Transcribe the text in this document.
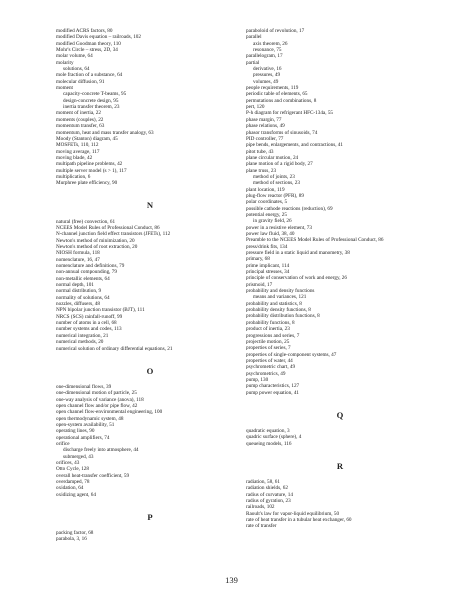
modified ACRS factors, 80
modified Davis equation – railroads, 102
modified Goodman theory, 110
Mohr's Circle – stress, 2D, 34
molar volume, 64
molarity
solutions, 64
mole fraction of a substance, 64
molecular diffusion, 91
moment
capacity-concrete T-beams, 95
design-concrete design, 95
inertia transfer theorem, 23
moment of inertia, 22
moments (couples), 22
momentum transfer, 63
momentum, heat and mass transfer analogy, 63
Moody (Stanton) diagram, 45
MOSFETs, 110, 112
moving average, 117
moving blade, 42
multipath pipeline problems, 42
multiple server model (s > 1), 117
multiplication, 6
Murphree plate efficiency, 90

N

natural (free) convection, 61
NCEES Model Rules of Professional Conduct, 86
N-channel junction field effect transistors (JFETs), 112
Newton's method of minimization, 20
Newton's method of root extraction, 20
NIOSH formula, 118
nomenclature, 16, 47
nomenclature and definitions, 79
non-annual compounding, 79
non-metallic elements, 64
normal depth, 101
normal distribution, 9
normality of solutions, 64
nozzles, diffusers, 48
NPN bipolar junction transistor (BJT), 111
NRCS (SCS) rainfall-runoff, 99
number of atoms in a cell, 68
number systems and codes, 113
numerical integration, 21
numerical methods, 20
numerical solution of ordinary differential equations, 21

O

one-dimensional flows, 39
one-dimensional motion of particle, 25
one-way analysis of variance (anova), 118
open channel flow and/or pipe flow, 42
open channel flow-environmental engineering, 100
open thermodynamic system, 48
open-system availability, 51
operating lines, 90
operational amplifiers, 74
orifice
discharge freely into atmosphere, 44
submerged, 43
orifices, 43
Otto Cycle, 128
overall heat-transfer coefficient, 59
overdamped, 78
oxidation, 64
oxidizing agent, 64

P

packing factor, 68
parabola, 3, 16
paraboloid of revolution, 17
parallel
axis theorem, 26
resonance, 75
parallelogram, 17
partial
derivative, 16
pressures, 49
volumes, 49
people requirements, 119
periodic table of elements, 65
permutations and combinations, 8
pert, 120
P-h diagram for refrigerant HFC-134a, 55
phase margin, 77
phase relations, 49
phasor transforms of sinusoids, 74
PID controller, 77
pipe bends, enlargements, and contractions, 41
pitot tube, 43
plane circular motion, 24
plane motion of a rigid body, 27
plane truss, 23
method of joints, 23
method of sections, 23
plant location, 119
plug-flow reactor (PFR), 89
polar coordinates, 5
possible cathode reactions (reduction), 69
potential energy, 25
in gravity field, 26
power in a resistive element, 73
power law fluid, 38, 40
Preamble to the NCEES Model Rules of Professional Conduct, 86
press/drink fits, 134
pressure field in a static liquid and manometry, 38
primary, 68
prime implicant, 114
principal stresses, 34
principle of conservation of work and energy, 26
prismoid, 17
probability and density functions
means and variances, 121
probability and statistics, 8
probability density functions, 8
probability distribution functions, 8
probability functions, 8
product of inertia, 23
progressions and series, 7
projectile motion, 25
properties of series, 7
properties of single-component systems, 47
properties of water, 44
psychrometric chart, 49
psychrometrics, 49
pump, 130
pump characteristics, 127
pump power equation, 41

Q

quadratic equation, 3
quadric surface (sphere), 4
queueing models, 116

R

radiation, 58, 61
radiation shields, 62
radius of curvature, 14
radius of gyration, 23
railroads, 102
Raoult's law for vapor-liquid equilibrium, 50
rate of heat transfer in a tubular heat exchanger, 60
rate of transfer
139
